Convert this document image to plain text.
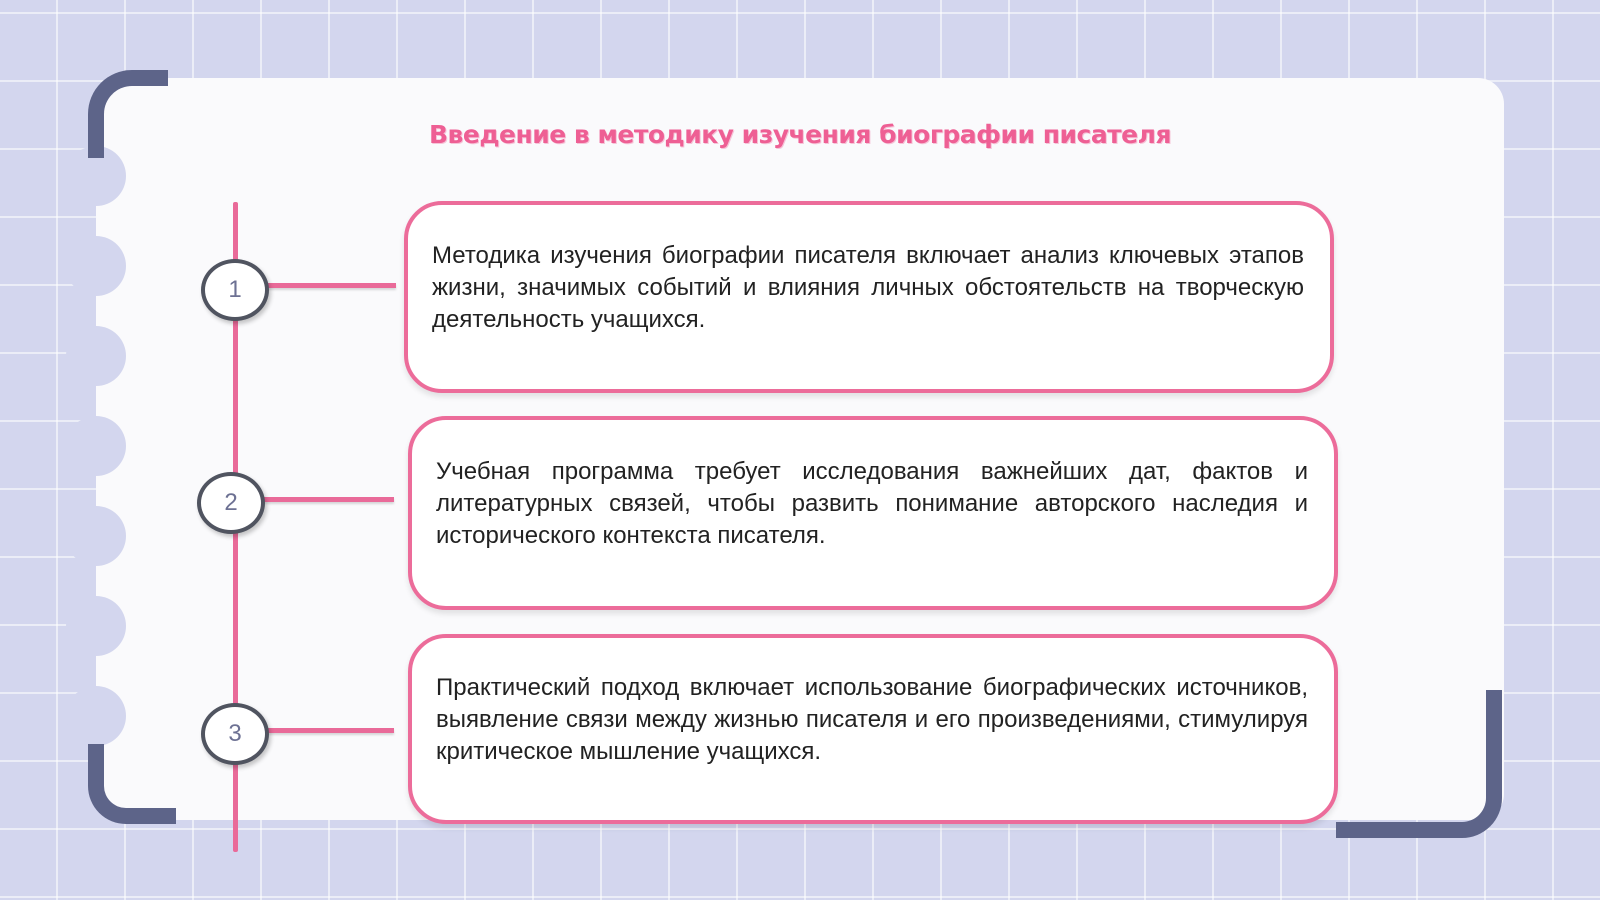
Введение в методику изучения биографии писателя
1

Методика изучения биографии писателя включает анализ ключевых этапов жизни, значимых событий и влияния личных обстоятельств на творческую деятельность учащихся.

2

Учебная программа требует исследования важнейших дат, фактов и литературных связей, чтобы развить понимание авторского наследия и исторического контекста писателя.

3

Практический подход включает использование биографических источников, выявление связи между жизнью писателя и его произведениями, стимулируя критическое мышление учащихся.
